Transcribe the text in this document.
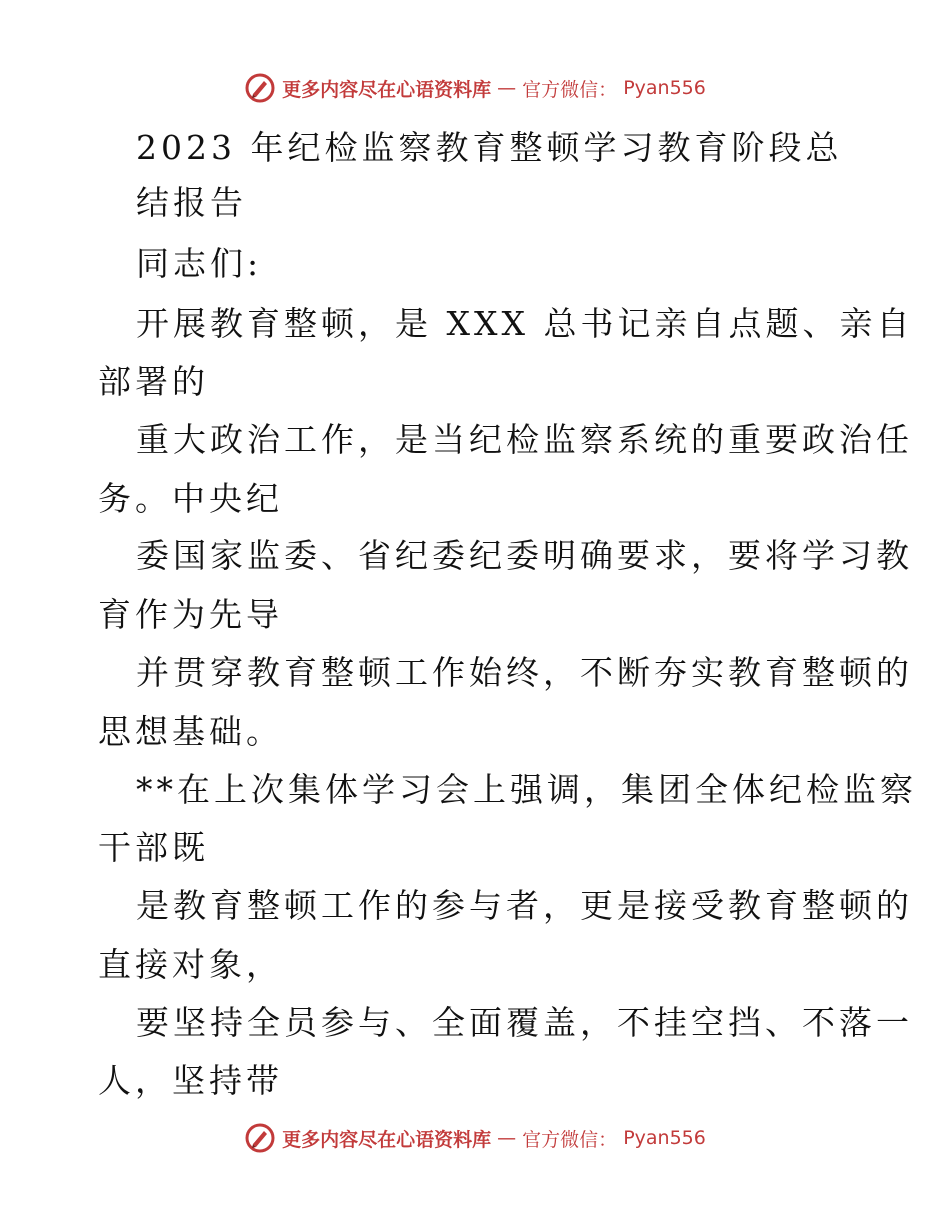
更多内容尽在心语资料库 — 官方微信： Pyan556
2023 年纪检监察教育整顿学习教育阶段总
结报告
同志们:
开展教育整顿，是 XXX 总书记亲自点题、亲自
部署的
重大政治工作，是当纪检监察系统的重要政治任
务。中央纪
委国家监委、省纪委纪委明确要求，要将学习教
育作为先导
并贯穿教育整顿工作始终，不断夯实教育整顿的
思想基础。
**在上次集体学习会上强调，集团全体纪检监察
干部既
是教育整顿工作的参与者，更是接受教育整顿的
直接对象，
要坚持全员参与、全面覆盖，不挂空挡、不落一
人，坚持带
更多内容尽在心语资料库 — 官方微信： Pyan556
